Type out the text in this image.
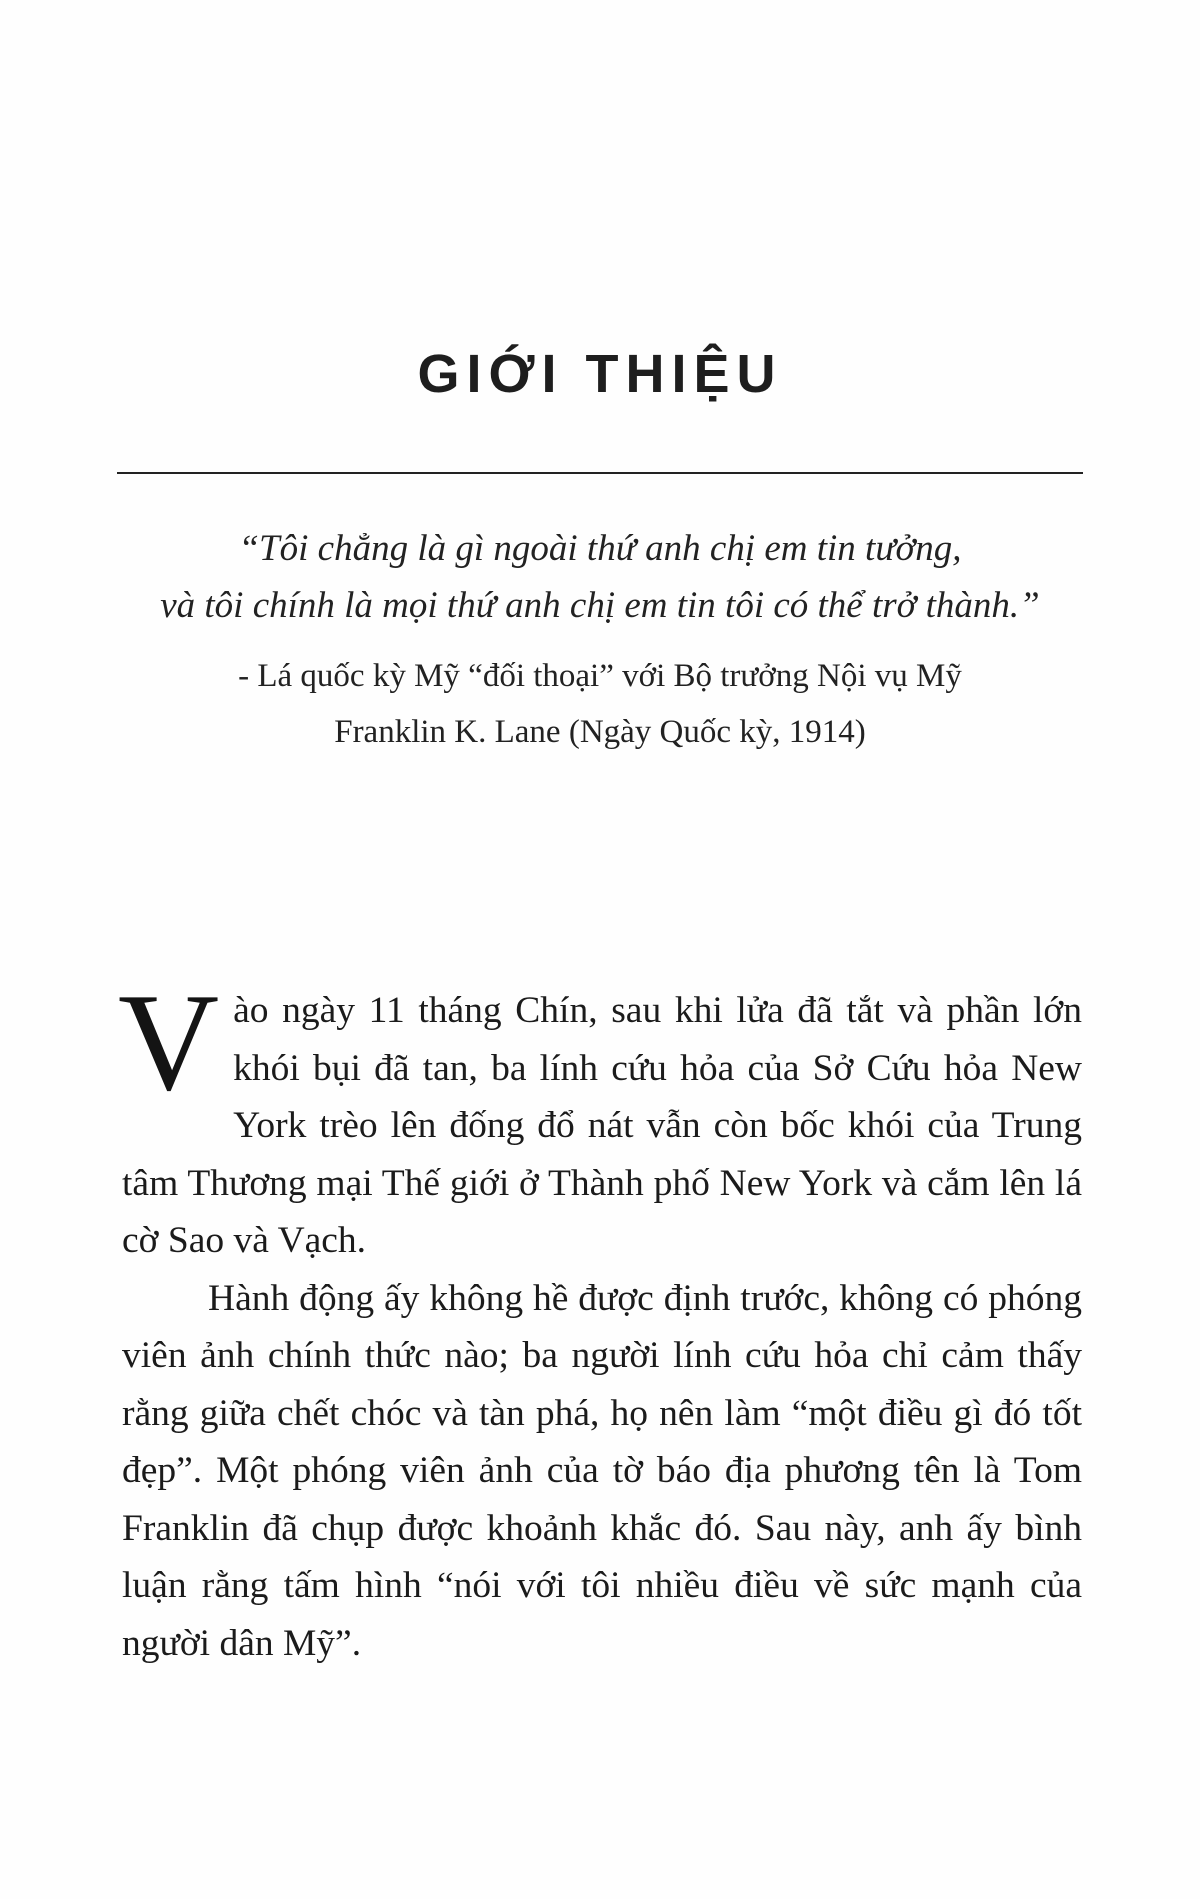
GIỚI THIỆU
“Tôi chẳng là gì ngoài thứ anh chị em tin tưởng,
và tôi chính là mọi thứ anh chị em tin tôi có thể trở thành.”
- Lá quốc kỳ Mỹ “đối thoại” với Bộ trưởng Nội vụ Mỹ
Franklin K. Lane (Ngày Quốc kỳ, 1914)

Vào ngày 11 tháng Chín, sau khi lửa đã tắt và phần lớn khói bụi đã tan, ba lính cứu hỏa của Sở Cứu hỏa New York trèo lên đống đổ nát vẫn còn bốc khói của Trung tâm Thương mại Thế giới ở Thành phố New York và cắm lên lá cờ Sao và Vạch.

Hành động ấy không hề được định trước, không có phóng viên ảnh chính thức nào; ba người lính cứu hỏa chỉ cảm thấy rằng giữa chết chóc và tàn phá, họ nên làm “một điều gì đó tốt đẹp”. Một phóng viên ảnh của tờ báo địa phương tên là Tom Franklin đã chụp được khoảnh khắc đó. Sau này, anh ấy bình luận rằng tấm hình “nói với tôi nhiều điều về sức mạnh của người dân Mỹ”.
